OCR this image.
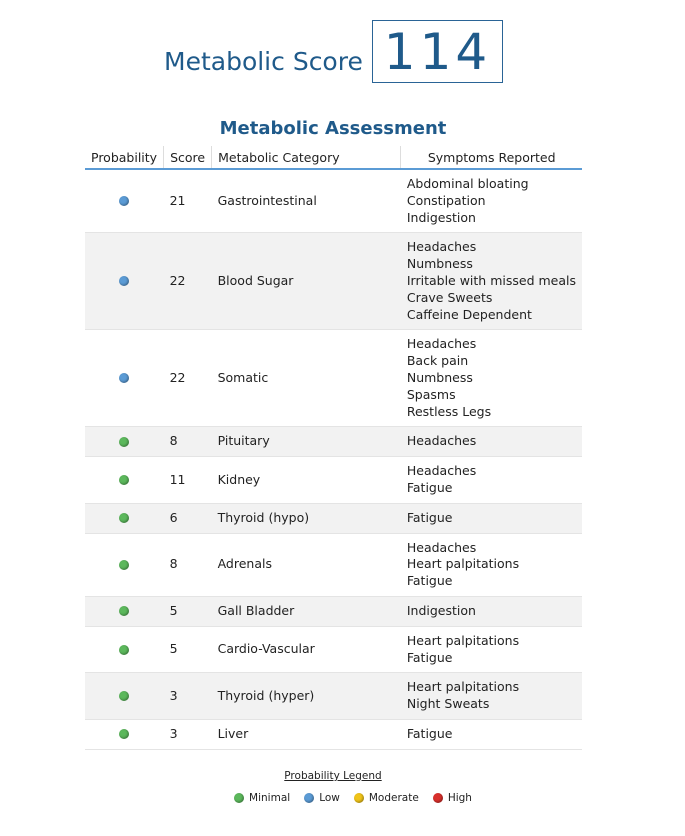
Metabolic Score 114
Metabolic Assessment
Probability	Score	Metabolic Category	Symptoms Reported
	21	Gastrointestinal	Abdominal bloating
Constipation
Indigestion

	22	Blood Sugar	Headaches
Numbness
Irritable with missed meals
Crave Sweets
Caffeine Dependent

	22	Somatic	Headaches
Back pain
Numbness
Spasms
Restless Legs

	8	Pituitary	Headaches

	11	Kidney	Headaches
Fatigue

	6	Thyroid (hypo)	Fatigue

	8	Adrenals	Headaches
Heart palpitations
Fatigue

	5	Gall Bladder	Indigestion

	5	Cardio-Vascular	Heart palpitations
Fatigue

	3	Thyroid (hyper)	Heart palpitations
Night Sweats

	3	Liver	Fatigue
Probability Legend
Minimal	Low	Moderate	High
